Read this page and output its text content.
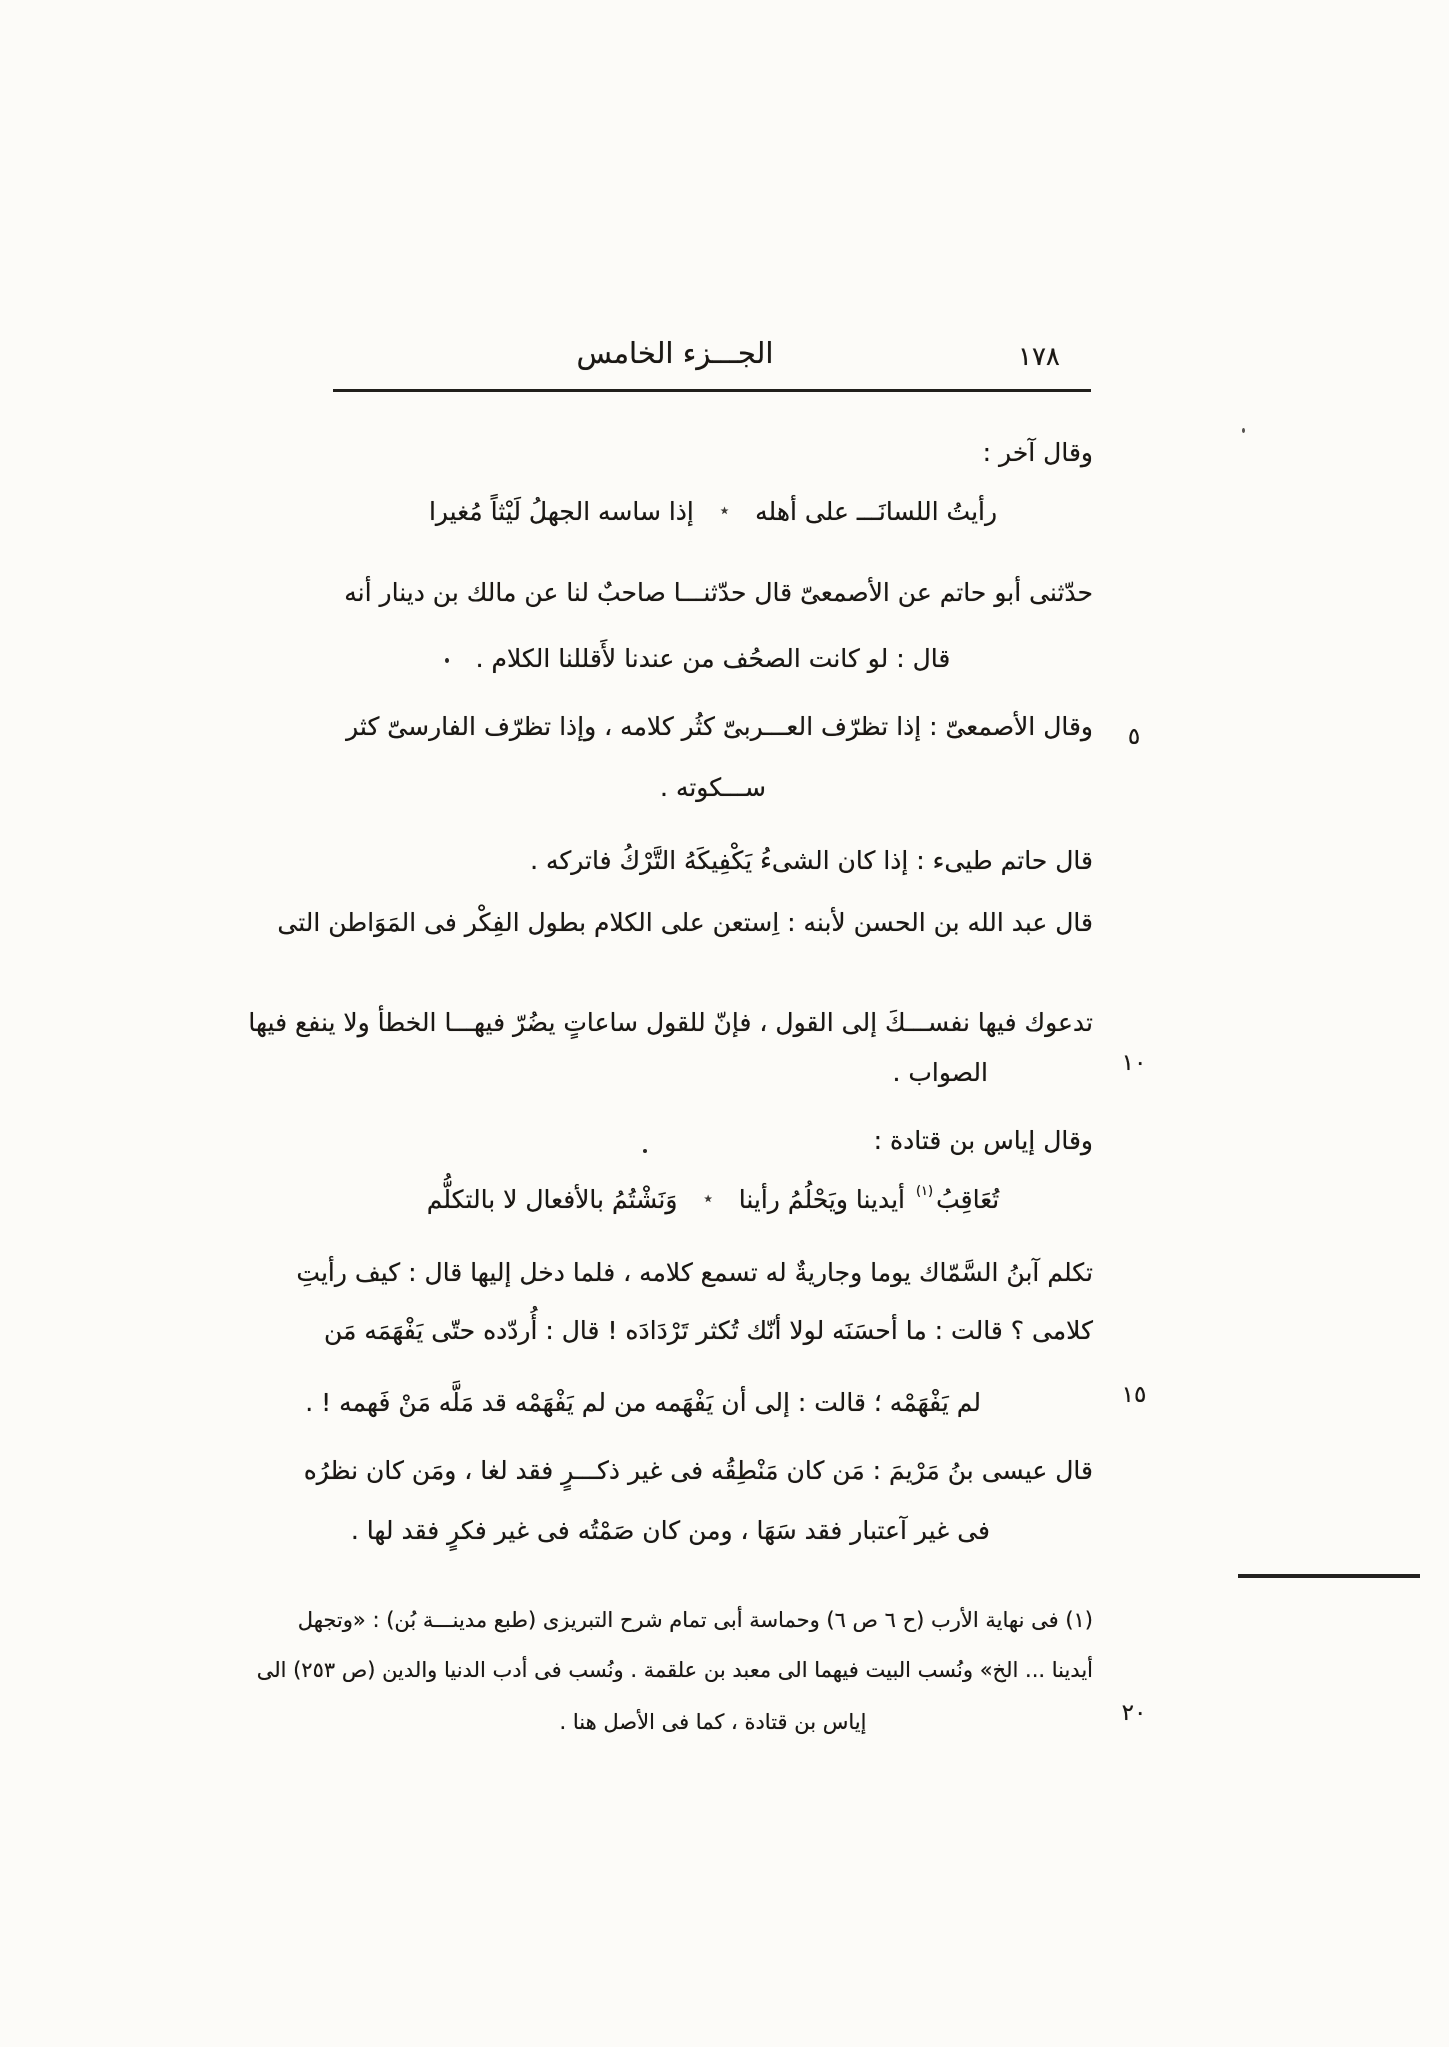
١٧٨
الجـــزء الخامس
٥
١٠
١٥
٢٠
وقال آخر :
رأيتُ اللسانَـــ على أهله
٭
إذا ساسه الجهلُ لَيْثاً مُغيرا
حدّثنى أبو حاتم عن الأصمعىّ قال حدّثنـــا صاحبٌ لنا عن مالك بن دينار أنه
قال : لو كانت الصحُف من عندنا لأَقللنا الكلام .
وقال الأصمعىّ : إذا تظرّف العـــربىّ كثُر كلامه ، وإذا تظرّف الفارسىّ كثر
ســـكوته .
قال حاتم طيىء : إذا كان الشىءُ يَكْفِيكَهُ التَّرْكُ فاتركه .
قال عبد الله بن الحسن لأبنه : اِستعن على الكلام بطول الفِكْر فى المَوَاطن التى
تدعوك فيها نفســـكَ إلى القول ، فإنّ للقول ساعاتٍ يضُرّ فيهـــا الخطأ ولا ينفع فيها
الصواب .
وقال إياس بن قتادة :
تُعَاقِبُ$^{(١)}$ أيدينا ويَحْلُمُ رأينا
٭
وَنَشْتُمُ بالأفعال لا بالتكلُّم
تكلم آبنُ السَّمّاك يوما وجاريةٌ له تسمع كلامه ، فلما دخل إليها قال : كيف رأيتِ
كلامى ؟ قالت : ما أحسَنَه لولا أنّك تُكثر تَرْدَادَه ! قال : أُردّده حتّى يَفْهَمَه مَن
لم يَفْهَمْه ؛ قالت : إلى أن يَفْهَمه من لم يَفْهَمْه قد مَلَّه مَنْ فَهمه ! .
قال عيسى بنُ مَرْيمَ : مَن كان مَنْطِقُه فى غير ذكـــرٍ فقد لغا ، ومَن كان نظرُه
فى غير آعتبار فقد سَهَا ، ومن كان صَمْتُه فى غير فكرٍ فقد لها .
(١) فى نهاية الأرب (ح ٦ ص ٦) وحماسة أبى تمام شرح التبريزى (طبع مدينـــة بُن) : «وتجهل
أيدينا ... الخ» ونُسب البيت فيهما الى معبد بن علقمة . ونُسب فى أدب الدنيا والدين (ص ٢٥٣) الى
إياس بن قتادة ، كما فى الأصل هنا .
